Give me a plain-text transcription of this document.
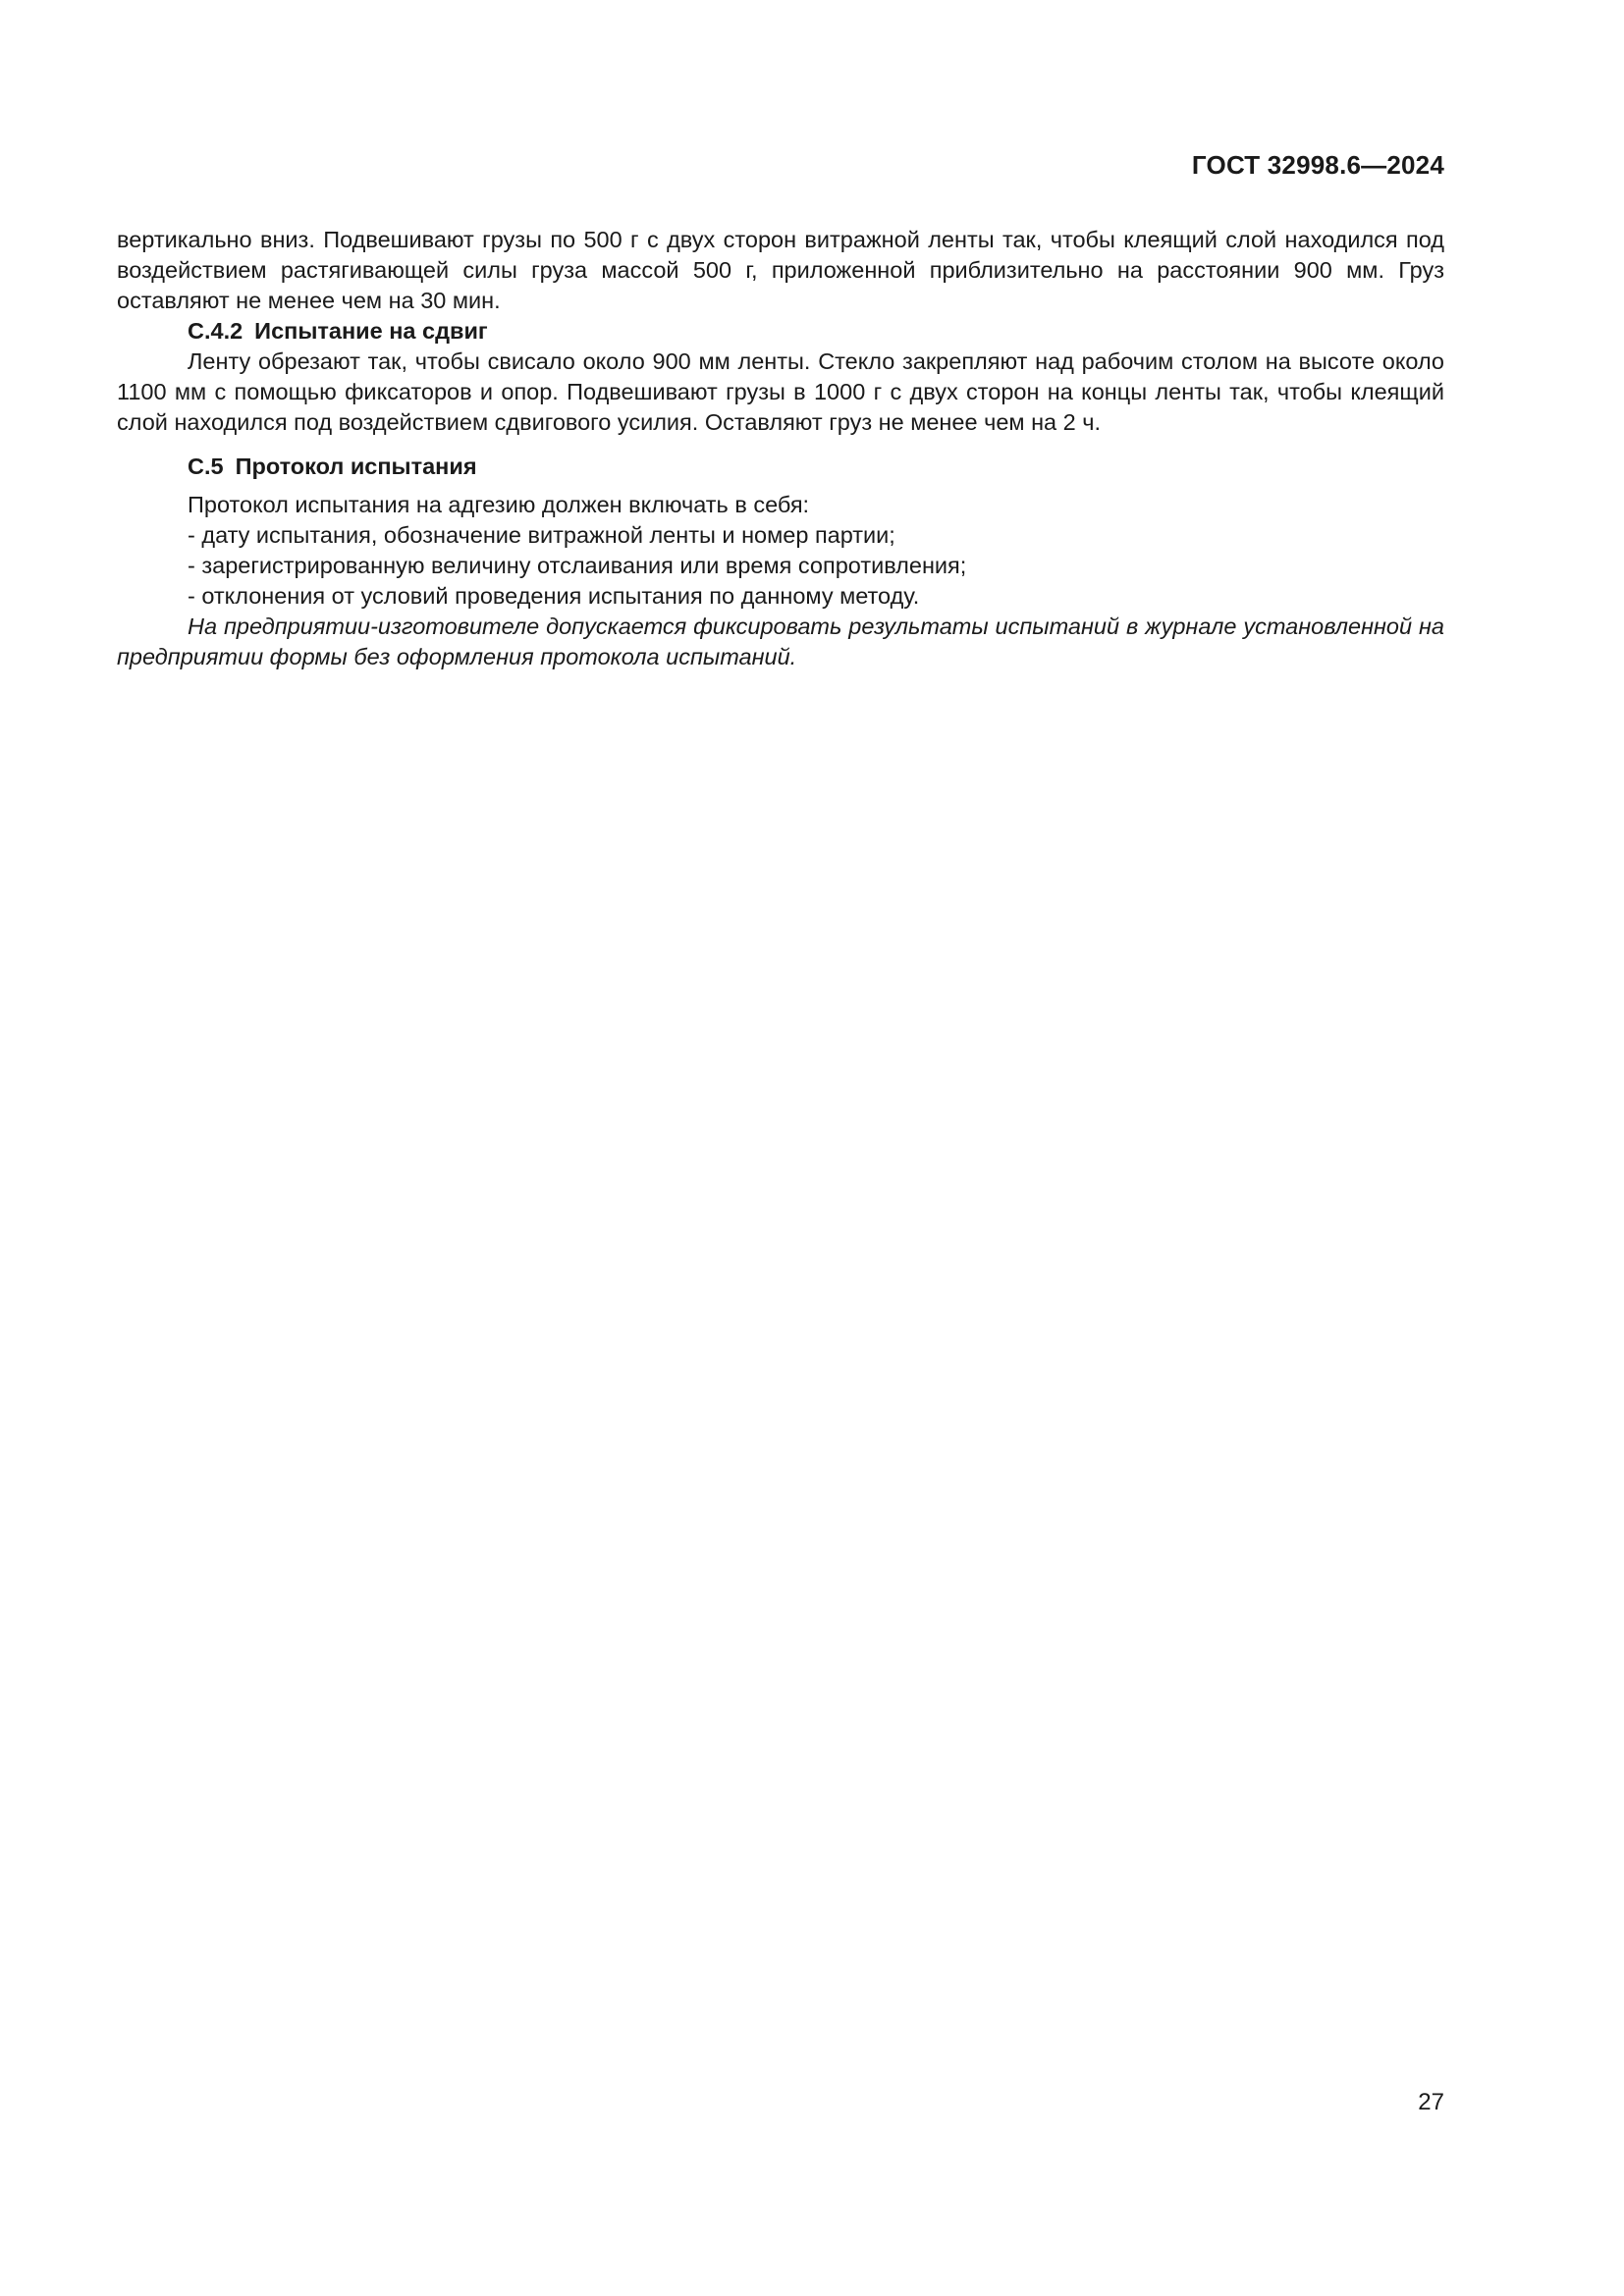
ГОСТ 32998.6—2024

вертикально вниз. Подвешивают грузы по 500 г с двух сторон витражной ленты так, чтобы клеящий слой находился под воздействием растягивающей силы груза массой 500 г, приложенной приблизительно на расстоянии 900 мм. Груз оставляют не менее чем на 30 мин.

С.4.2 Испытание на сдвиг

Ленту обрезают так, чтобы свисало около 900 мм ленты. Стекло закрепляют над рабочим столом на высоте около 1100 мм с помощью фиксаторов и опор. Подвешивают грузы в 1000 г с двух сторон на концы ленты так, чтобы клеящий слой находился под воздействием сдвигового усилия. Оставляют груз не менее чем на 2 ч.

С.5 Протокол испытания

Протокол испытания на адгезию должен включать в себя:

- дату испытания, обозначение витражной ленты и номер партии;

- зарегистрированную величину отслаивания или время сопротивления;

- отклонения от условий проведения испытания по данному методу.

На предприятии-изготовителе допускается фиксировать результаты испытаний в журнале установленной на предприятии формы без оформления протокола испытаний.

27
